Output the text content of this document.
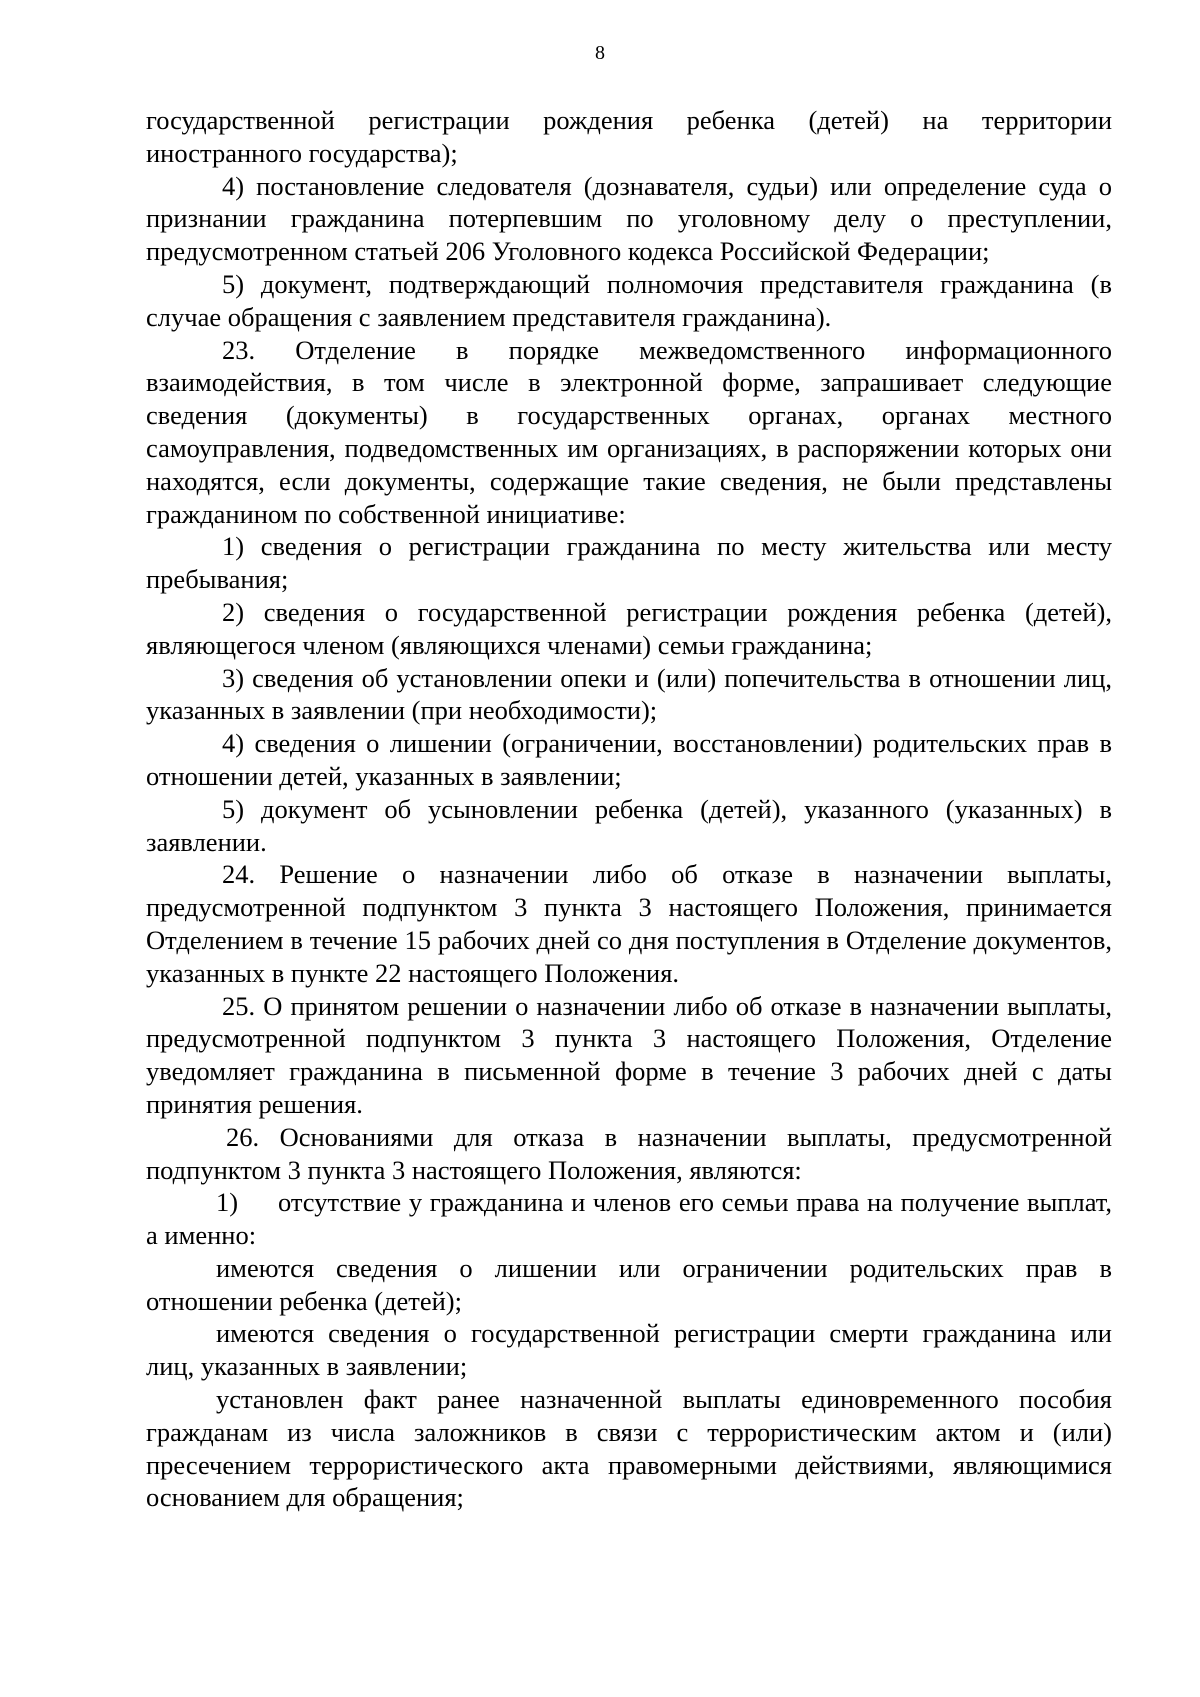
8

государственной регистрации рождения ребенка (детей) на территории иностранного государства);

4) постановление следователя (дознавателя, судьи) или определение суда о признании гражданина потерпевшим по уголовному делу о преступлении, предусмотренном статьей 206 Уголовного кодекса Российской Федерации;

5) документ, подтверждающий полномочия представителя гражданина (в случае обращения с заявлением представителя гражданина).

23. Отделение в порядке межведомственного информационного взаимодействия, в том числе в электронной форме, запрашивает следующие сведения (документы) в государственных органах, органах местного самоуправления, подведомственных им организациях, в распоряжении которых они находятся, если документы, содержащие такие сведения, не были представлены гражданином по собственной инициативе:

1) сведения о регистрации гражданина по месту жительства или месту пребывания;

2) сведения о государственной регистрации рождения ребенка (детей), являющегося членом (являющихся членами) семьи гражданина;

3) сведения об установлении опеки и (или) попечительства в отношении лиц, указанных в заявлении (при необходимости);

4) сведения о лишении (ограничении, восстановлении) родительских прав в отношении детей, указанных в заявлении;

5) документ об усыновлении ребенка (детей), указанного (указанных) в заявлении.

24. Решение о назначении либо об отказе в назначении выплаты, предусмотренной подпунктом 3 пункта 3 настоящего Положения, принимается Отделением в течение 15 рабочих дней со дня поступления в Отделение документов, указанных в пункте 22 настоящего Положения.

25. О принятом решении о назначении либо об отказе в назначении выплаты, предусмотренной подпунктом 3 пункта 3 настоящего Положения, Отделение уведомляет гражданина в письменной форме в течение 3 рабочих дней с даты принятия решения.

26. Основаниями для отказа в назначении выплаты, предусмотренной подпунктом 3 пункта 3 настоящего Положения, являются:

1) отсутствие у гражданина и членов его семьи права на получение выплат, а именно:

имеются сведения о лишении или ограничении родительских прав в отношении ребенка (детей);

имеются сведения о государственной регистрации смерти гражданина или лиц, указанных в заявлении;

установлен факт ранее назначенной выплаты единовременного пособия гражданам из числа заложников в связи с террористическим актом и (или) пресечением террористического акта правомерными действиями, являющимися основанием для обращения;
